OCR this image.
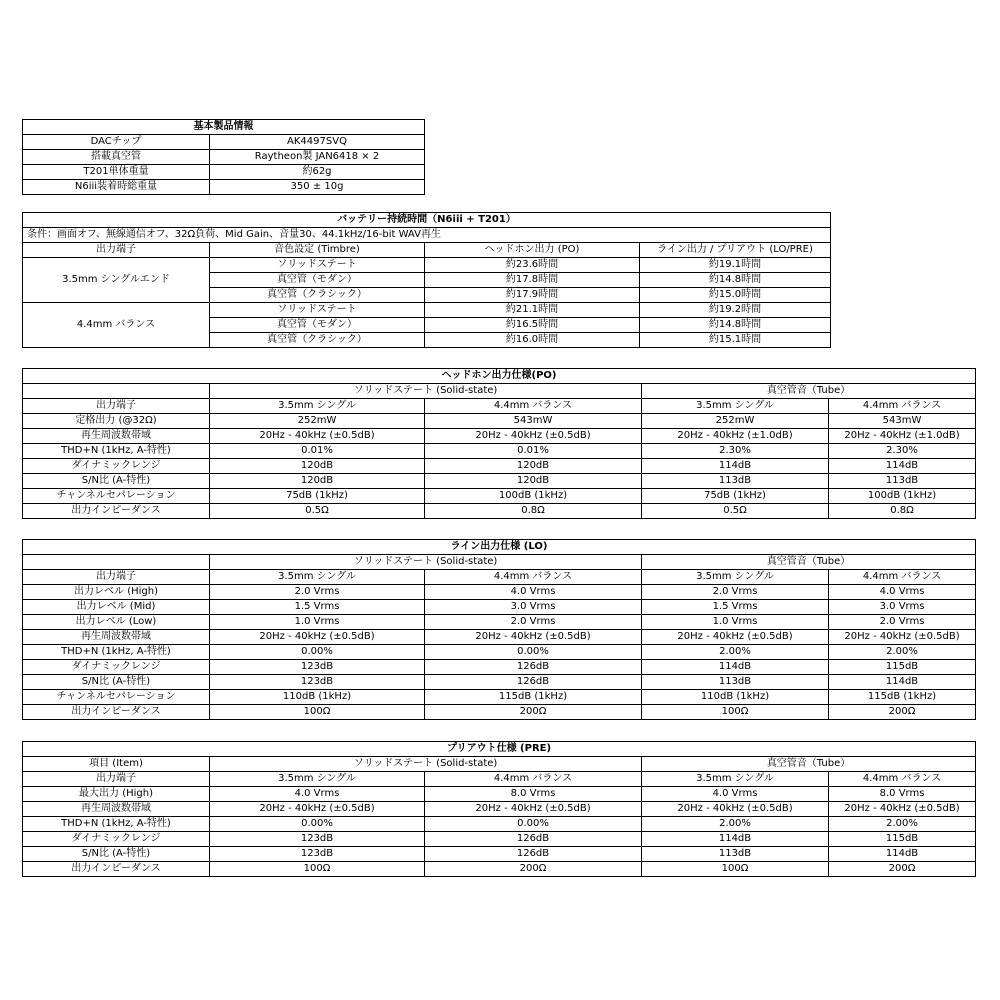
基本製品情報	
DACチップ	AK4497SVQ
搭載真空管	Raytheon製 JAN6418 × 2
T201単体重量	約62g
N6iii装着時総重量	350 ± 10g
バッテリー持続時間（N6iii + T201）			
条件：画面オフ、無線通信オフ、32Ω負荷、Mid Gain、音量30、44.1kHz/16-bit WAV再生			
出力端子	音色設定 (Timbre)	ヘッドホン出力 (PO)	ライン出力 / プリアウト (LO/PRE)
3.5mm シングルエンド	ソリッドステート	約23.6時間	約19.1時間
	真空管（モダン）	約17.8時間	約14.8時間
	真空管（クラシック）	約17.9時間	約15.0時間
4.4mm バランス	ソリッドステート	約21.1時間	約19.2時間
	真空管（モダン）	約16.5時間	約14.8時間
	真空管（クラシック）	約16.0時間	約15.1時間
ヘッドホン出力仕様(PO)				
	ソリッドステート (Solid-state)		真空管音（Tube）	
出力端子	3.5mm シングル	4.4mm バランス	3.5mm シングル	4.4mm バランス
定格出力 (@32Ω)	252mW	543mW	252mW	543mW
再生周波数帯域	20Hz - 40kHz (±0.5dB)	20Hz - 40kHz (±0.5dB)	20Hz - 40kHz (±1.0dB)	20Hz - 40kHz (±1.0dB)
THD+N (1kHz, A-特性)	0.01%	0.01%	2.30%	2.30%
ダイナミックレンジ	120dB	120dB	114dB	114dB
S/N比 (A-特性)	120dB	120dB	113dB	113dB
チャンネルセパレーション	75dB (1kHz)	100dB (1kHz)	75dB (1kHz)	100dB (1kHz)
出力インピーダンス	0.5Ω	0.8Ω	0.5Ω	0.8Ω
ライン出力仕様 (LO)				
	ソリッドステート (Solid-state)		真空管音（Tube）	
出力端子	3.5mm シングル	4.4mm バランス	3.5mm シングル	4.4mm バランス
出力レベル (High)	2.0 Vrms	4.0 Vrms	2.0 Vrms	4.0 Vrms
出力レベル (Mid)	1.5 Vrms	3.0 Vrms	1.5 Vrms	3.0 Vrms
出力レベル (Low)	1.0 Vrms	2.0 Vrms	1.0 Vrms	2.0 Vrms
再生周波数帯域	20Hz - 40kHz (±0.5dB)	20Hz - 40kHz (±0.5dB)	20Hz - 40kHz (±0.5dB)	20Hz - 40kHz (±0.5dB)
THD+N (1kHz, A-特性)	0.00%	0.00%	2.00%	2.00%
ダイナミックレンジ	123dB	126dB	114dB	115dB
S/N比 (A-特性)	123dB	126dB	113dB	114dB
チャンネルセパレーション	110dB (1kHz)	115dB (1kHz)	110dB (1kHz)	115dB (1kHz)
出力インピーダンス	100Ω	200Ω	100Ω	200Ω
プリアウト仕様 (PRE)				
項目 (Item)	ソリッドステート (Solid-state)		真空管音（Tube）	
出力端子	3.5mm シングル	4.4mm バランス	3.5mm シングル	4.4mm バランス
最大出力 (High)	4.0 Vrms	8.0 Vrms	4.0 Vrms	8.0 Vrms
再生周波数帯域	20Hz - 40kHz (±0.5dB)	20Hz - 40kHz (±0.5dB)	20Hz - 40kHz (±0.5dB)	20Hz - 40kHz (±0.5dB)
THD+N (1kHz, A-特性)	0.00%	0.00%	2.00%	2.00%
ダイナミックレンジ	123dB	126dB	114dB	115dB
S/N比 (A-特性)	123dB	126dB	113dB	114dB
出力インピーダンス	100Ω	200Ω	100Ω	200Ω
